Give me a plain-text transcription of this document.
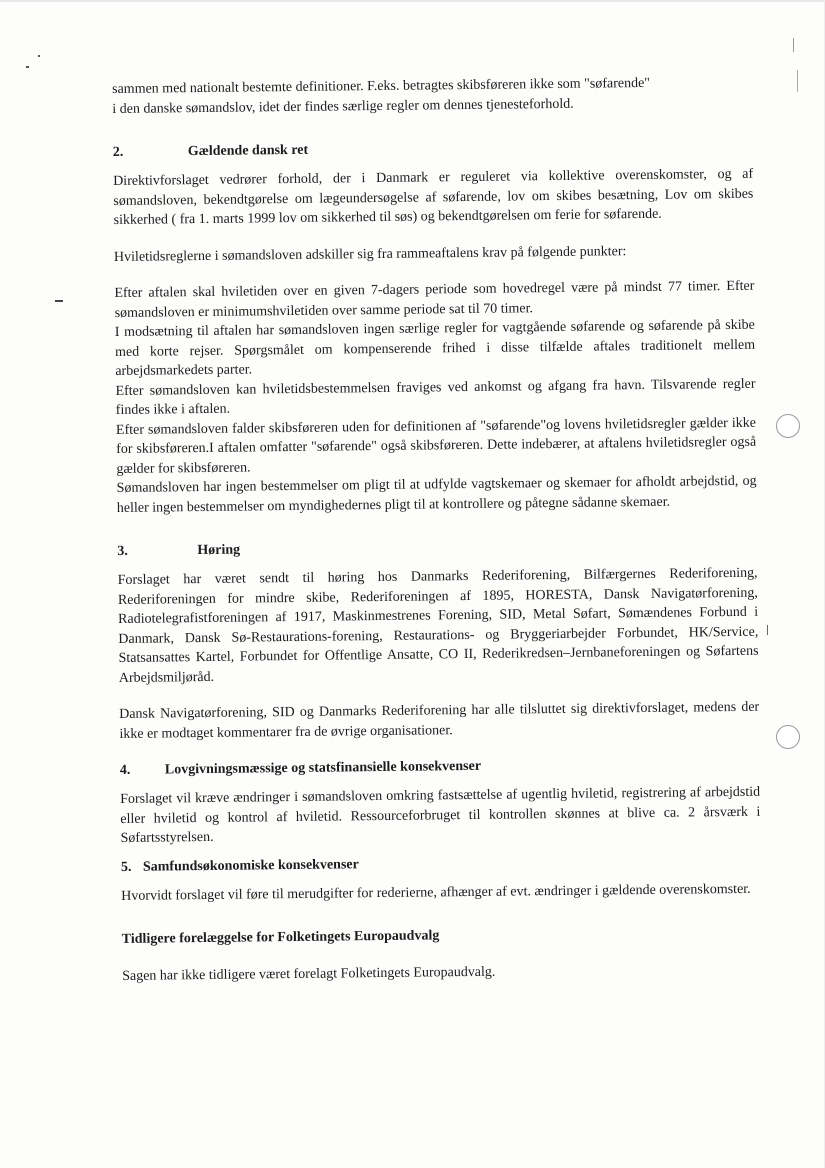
sammen med nationalt bestemte definitioner. F.eks. betragtes skibsføreren ikke som "søfarende"

i den danske sømandslov, idet der findes særlige regler om dennes tjenesteforhold.

2.	Gældende dansk ret

Direktivforslaget vedrører forhold, der i Danmark er reguleret via kollektive overenskomster, og af sømandsloven, bekendtgørelse om lægeundersøgelse af søfarende, lov om skibes besætning, Lov om skibes sikkerhed ( fra 1. marts 1999 lov om sikkerhed til søs) og bekendtgørelsen om ferie for søfarende.

Hviletidsreglerne i sømandsloven adskiller sig fra rammeaftalens krav på følgende punkter:

Efter aftalen skal hviletiden over en given 7-dagers periode som hovedregel være på mindst 77 timer. Efter sømandsloven er minimumshviletiden over samme periode sat til 70 timer.

I modsætning til aftalen har sømandsloven ingen særlige regler for vagtgående søfarende og søfarende på skibe med korte rejser. Spørgsmålet om kompenserende frihed i disse tilfælde aftales traditionelt mellem arbejdsmarkedets parter.

Efter sømandsloven kan hviletidsbestemmelsen fraviges ved ankomst og afgang fra havn. Tilsvarende regler findes ikke i aftalen.

Efter sømandsloven falder skibsføreren uden for definitionen af "søfarende"og lovens hviletidsregler gælder ikke for skibsføreren.I aftalen omfatter "søfarende" også skibsføreren. Dette indebærer, at aftalens hviletidsregler også gælder for skibsføreren.

Sømandsloven har ingen bestemmelser om pligt til at udfylde vagtskemaer og skemaer for afholdt arbejdstid, og heller ingen bestemmelser om myndighedernes pligt til at kontrollere og påtegne sådanne skemaer.

3.	Høring

Forslaget har været sendt til høring hos Danmarks Rederiforening, Bilfærgernes Rederiforening, Rederiforeningen for mindre skibe, Rederiforeningen af 1895, HORESTA, Dansk Navigatørforening, Radiotelegrafistforeningen af 1917, Maskinmestrenes Forening, SID, Metal Søfart, Sømændenes Forbund i Danmark, Dansk Sø-Restaurations-forening, Restaurations- og Bryggeriarbejder Forbundet, HK/Service, Statsansattes Kartel, Forbundet for Offentlige Ansatte, CO II, Rederikredsen–Jernbaneforeningen og Søfartens Arbejdsmiljøråd.

Dansk Navigatørforening, SID og Danmarks Rederiforening har alle tilsluttet sig direktivforslaget, medens der ikke er modtaget kommentarer fra de øvrige organisationer.

4.	Lovgivningsmæssige og statsfinansielle konsekvenser

Forslaget vil kræve ændringer i sømandsloven omkring fastsættelse af ugentlig hviletid, registrering af arbejdstid eller hviletid og kontrol af hviletid. Ressourceforbruget til kontrollen skønnes at blive ca. 2 årsværk i Søfartsstyrelsen.

5. Samfundsøkonomiske konsekvenser

Hvorvidt forslaget vil føre til merudgifter for rederierne, afhænger af evt. ændringer i gældende overenskomster.

Tidligere forelæggelse for Folketingets Europaudvalg

Sagen har ikke tidligere været forelagt Folketingets Europaudvalg.
